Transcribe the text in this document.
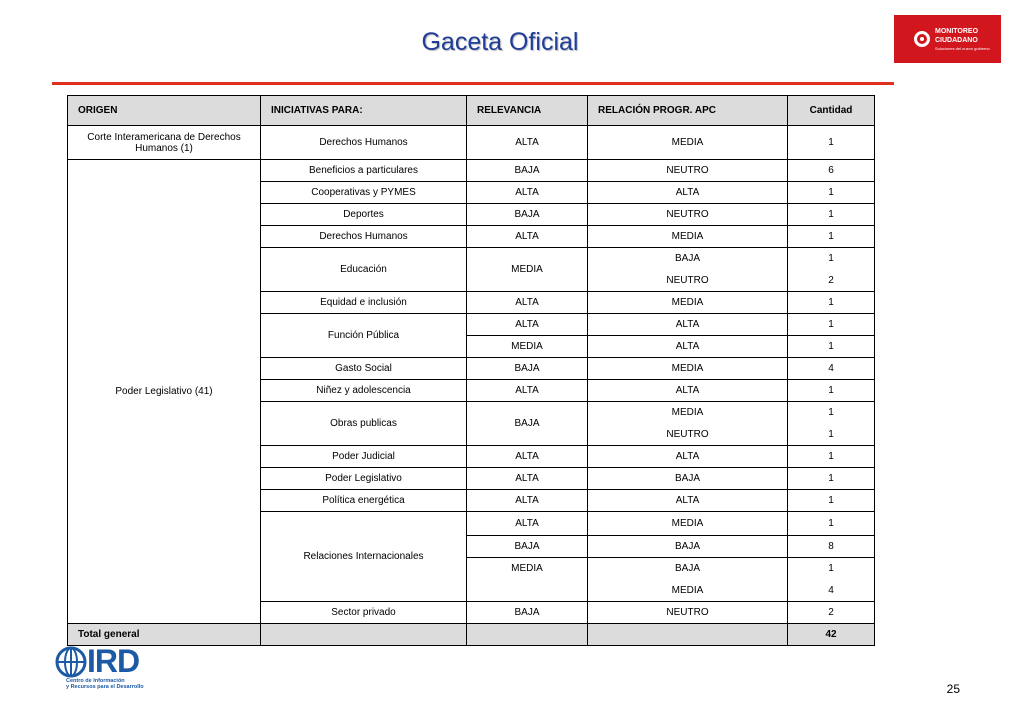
Gaceta Oficial	MONITOREO
CIUDADANO
Soluciones del nuevo gobierno
ORIGEN	INICIATIVAS PARA:	RELEVANCIA	RELACIÓN PROGR. APC	Cantidad
Corte Interamericana de Derechos Humanos (1)	Derechos Humanos	ALTA	MEDIA	1
Poder Legislativo (41)	Beneficios a particulares	BAJA	NEUTRO	6
	Cooperativas y PYMES	ALTA	ALTA	1
	Deportes	BAJA	NEUTRO	1
	Derechos Humanos	ALTA	MEDIA	1
	Educación	MEDIA	BAJA	1
			NEUTRO	2
	Equidad e inclusión	ALTA	MEDIA	1
	Función Pública	ALTA	ALTA	1
		MEDIA	ALTA	1
	Gasto Social	BAJA	MEDIA	4
	Niñez y adolescencia	ALTA	ALTA	1
	Obras publicas	BAJA	MEDIA	1
			NEUTRO	1
	Poder Judicial	ALTA	ALTA	1
	Poder Legislativo	ALTA	BAJA	1
	Política energética	ALTA	ALTA	1
	Relaciones Internacionales	ALTA	MEDIA	1
		BAJA	BAJA	8
		MEDIA	BAJA	1
			MEDIA	4
	Sector privado	BAJA	NEUTRO	2
Total general				42
IRD
Centro de Información
y Recursos para el Desarrollo	25
